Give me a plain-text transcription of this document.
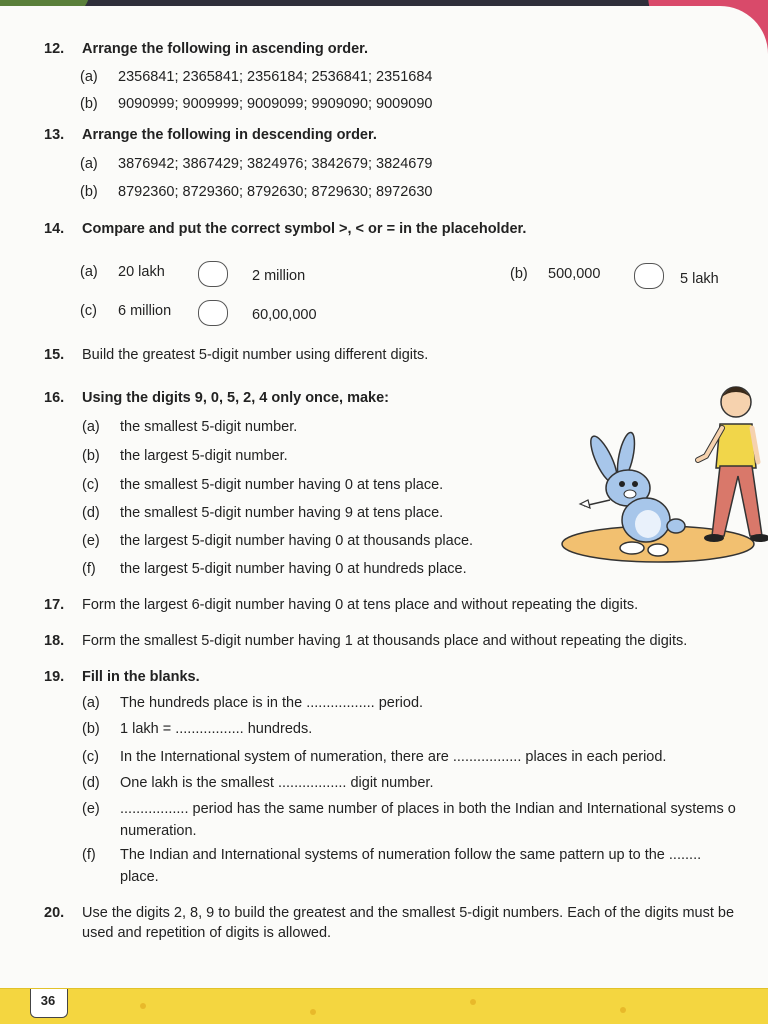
12. Arrange the following in ascending order.
(a) 2356841; 2365841; 2356184; 2536841; 2351684
(b) 9090999; 9009999; 9009099; 9909090; 9009090
13. Arrange the following in descending order.
(a) 3876942; 3867429; 3824976; 3842679; 3824679
(b) 8792360; 8729360; 8792630; 8729630; 8972630
14. Compare and put the correct symbol >, < or = in the placeholder.
(a) 20 lakh	2 million	(b) 500,000	5 lakh
(c) 6 million	60,00,000
15. Build the greatest 5-digit number using different digits.
16. Using the digits 9, 0, 5, 2, 4 only once, make:
(a) the smallest 5-digit number.
(b) the largest 5-digit number.
(c) the smallest 5-digit number having 0 at tens place.
(d) the smallest 5-digit number having 9 at tens place.
(e) the largest 5-digit number having 0 at thousands place.
(f) the largest 5-digit number having 0 at hundreds place.
17. Form the largest 6-digit number having 0 at tens place and without repeating the digits.
18. Form the smallest 5-digit number having 1 at thousands place and without repeating the digits.
19. Fill in the blanks.
(a) The hundreds place is in the ................. period.
(b) 1 lakh = ................. hundreds.
(c) In the International system of numeration, there are ................. places in each period.
(d) One lakh is the smallest ................. digit number.
(e) ................. period has the same number of places in both the Indian and International systems o
numeration.
(f) The Indian and International systems of numeration follow the same pattern up to the ........
place.
20. Use the digits 2, 8, 9 to build the greatest and the smallest 5-digit numbers. Each of the digits must be
used and repetition of digits is allowed.
36
